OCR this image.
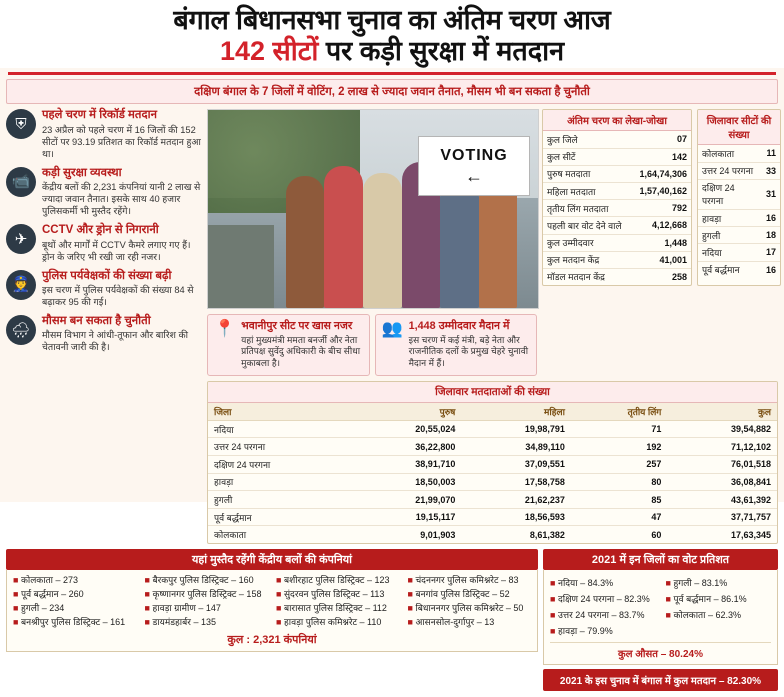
बंगाल बिधानसभा चुनाव का अंतिम चरण आज
142 सीटों पर कड़ी सुरक्षा में मतदान
दक्षिण बंगाल के 7 जिलों में वोटिंग, 2 लाख से ज्यादा जवान तैनात, मौसम भी बन सकता है चुनौती
⛨
पहले चरण में रिकॉर्ड मतदान
23 अप्रैल को पहले चरण में 16 जिलों की 152 सीटों पर 93.19 प्रतिशत का रिकॉर्ड मतदान हुआ था।
📹
कड़ी सुरक्षा व्यवस्था
केंद्रीय बलों की 2,231 कंपनियां यानी 2 लाख से ज्यादा जवान तैनात। इसके साथ 40 हजार पुलिसकर्मी भी मुस्तैद रहेंगे।
✈
CCTV और ड्रोन से निगरानी
बूथों और मार्गों में CCTV कैमरे लगाए गए हैं। ड्रोन के जरिए भी रखी जा रही नजर।
👮
पुलिस पर्यवेक्षकों की संख्या बढ़ी
इस चरण में पुलिस पर्यवेक्षकों की संख्या 84 से बढ़ाकर 95 की गई।
🌧
मौसम बन सकता है चुनौती
मौसम विभाग ने आंधी-तूफान और बारिश की चेतावनी जारी की है।
VOTING
←
📍 भवानीपुर सीट पर खास नजर
यहां मुख्यमंत्री ममता बनर्जी और नेता प्रतिपक्ष सुवेंदु अधिकारी के बीच सीधा मुकाबला है।
👥 1,448 उम्मीदवार मैदान में
इस चरण में कई मंत्री, बड़े नेता और राजनीतिक दलों के प्रमुख चेहरे चुनावी मैदान में हैं।
अंतिम चरण का लेखा-जोखा
कुल जिले	07
कुल सीटें	142
पुरुष मतदाता	1,64,74,306
महिला मतदाता	1,57,40,162
तृतीय लिंग मतदाता	792
पहली बार वोट देने वाले	4,12,668
कुल उम्मीदवार	1,448
कुल मतदान केंद्र	41,001
मॉडल मतदान केंद्र	258
जिलावार सीटों की संख्या
कोलकाता	11
उत्तर 24 परगना	33
दक्षिण 24 परगना	31
हावड़ा	16
हुगली	18
नदिया	17
पूर्व बर्द्धमान	16
जिलावार मतदाताओं की संख्या
जिला	पुरुष	महिला	तृतीय लिंग	कुल
नदिया	20,55,024	19,98,791	71	39,54,882
उत्तर 24 परगना	36,22,800	34,89,110	192	71,12,102
दक्षिण 24 परगना	38,91,710	37,09,551	257	76,01,518
हावड़ा	18,50,003	17,58,758	80	36,08,841
हुगली	21,99,070	21,62,237	85	43,61,392
पूर्व बर्द्धमान	19,15,117	18,56,593	47	37,71,757
कोलकाता	9,01,903	8,61,382	60	17,63,345
यहां मुस्तैद रहेंगी केंद्रीय बलों की कंपनियां
■ कोलकाता – 273
■ पूर्व बर्द्धमान – 260
■ हुगली – 234
■ बनश्रीपुर पुलिस डिस्ट्रिक्ट – 161
■ बैरकपुर पुलिस डिस्ट्रिक्ट – 160
■ कृष्णानगर पुलिस डिस्ट्रिक्ट – 158
■ हावड़ा ग्रामीण – 147
■ डायमंडहार्बर – 135
■ बशीरहाट पुलिस डिस्ट्रिक्ट – 123
■ सुंदरवन पुलिस डिस्ट्रिक्ट – 113
■ बारासात पुलिस डिस्ट्रिक्ट – 112
■ हावड़ा पुलिस कमिश्नरेट – 110
■ चंदननगर पुलिस कमिश्नरेट – 83
■ बनगांव पुलिस डिस्ट्रिक्ट – 52
■ बिधाननगर पुलिस कमिश्नरेट – 50
■ आसनसोल-दुर्गापुर – 13
कुल : 2,321 कंपनियां
2021 में इन जिलों का वोट प्रतिशत
■ नदिया – 84.3%
■ दक्षिण 24 परगना – 82.3%
■ उत्तर 24 परगना – 83.7%
■ हावड़ा – 79.9%
■ हुगली – 83.1%
■ पूर्व बर्द्धमान – 86.1%
■ कोलकाता – 62.3%
कुल औसत – 80.24%
2021 के इस चुनाव में बंगाल में कुल मतदान – 82.30%
